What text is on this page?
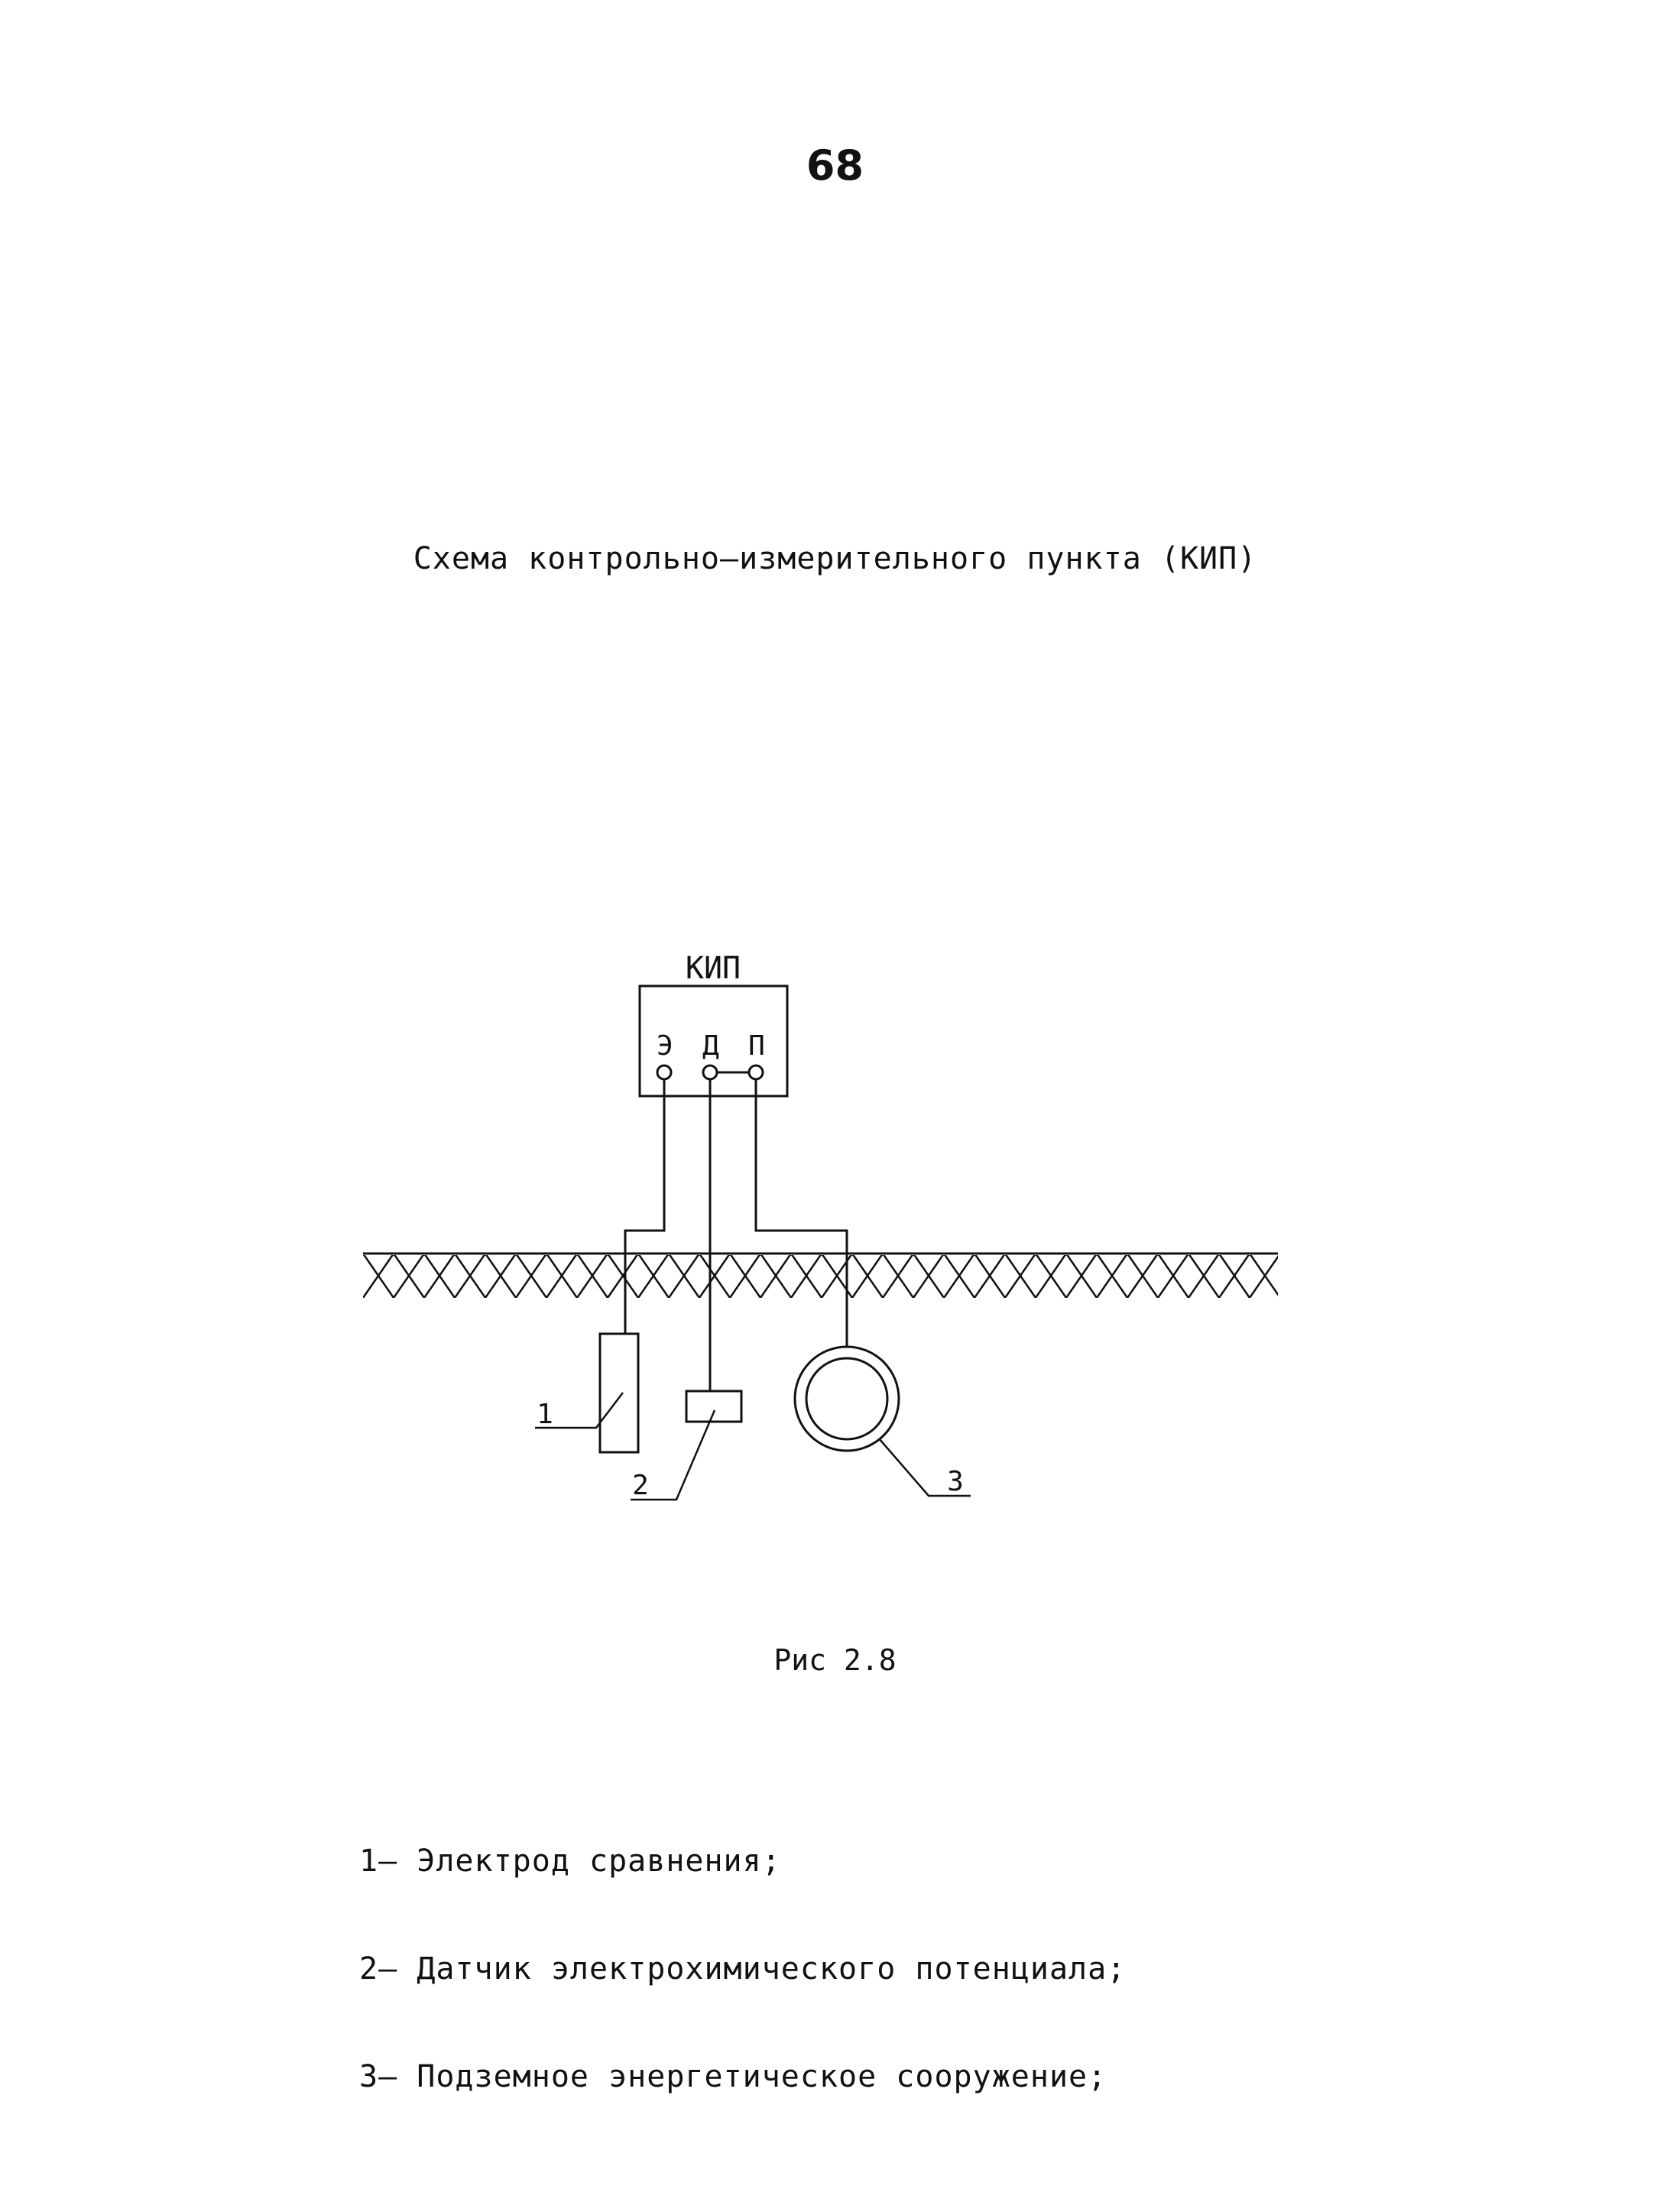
68
Схема контрольно–измерительного пункта (КИП)
КИП
Э Д П
1
2	3
Рис 2.8

1– Электрод сравнения;

2– Датчик электрохимического потенциала;

3– Подземное энергетическое сооружение;
